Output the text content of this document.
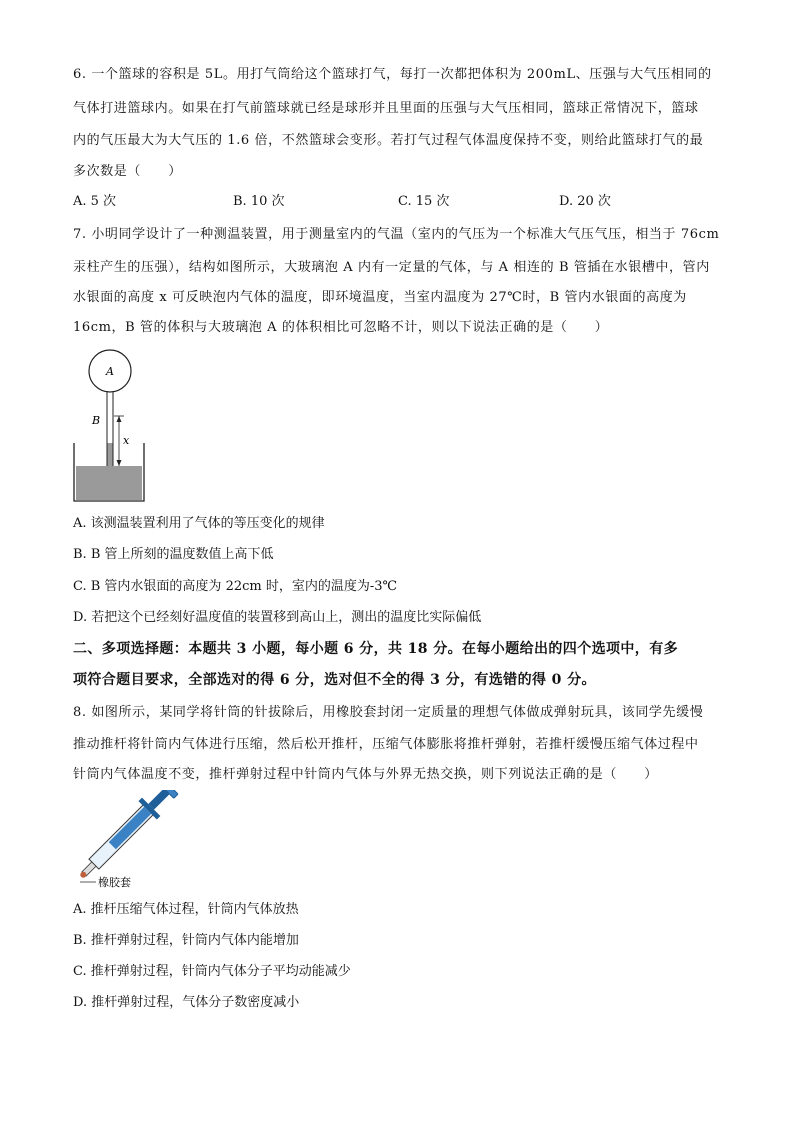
6. 一个篮球的容积是 5L。用打气筒给这个篮球打气，每打一次都把体积为 200mL、压强与大气压相同的
气体打进篮球内。如果在打气前篮球就已经是球形并且里面的压强与大气压相同，篮球正常情况下，篮球
内的气压最大为大气压的 1.6 倍，不然篮球会变形。若打气过程气体温度保持不变，则给此篮球打气的最
多次数是（　　）
A. 5 次	B. 10 次	C. 15 次	D. 20 次
7. 小明同学设计了一种测温装置，用于测量室内的气温（室内的气压为一个标准大气压气压，相当于 76cm
汞柱产生的压强），结构如图所示，大玻璃泡 A 内有一定量的气体，与 A 相连的 B 管插在水银槽中，管内
水银面的高度 x 可反映泡内气体的温度，即环境温度，当室内温度为 27℃时，B 管内水银面的高度为
16cm，B 管的体积与大玻璃泡 A 的体积相比可忽略不计，则以下说法正确的是（　　）
A
B
x
A. 该测温装置利用了气体的等压变化的规律
B. B 管上所刻的温度数值上高下低
C. B 管内水银面的高度为 22cm 时，室内的温度为-3℃
D. 若把这个已经刻好温度值的装置移到高山上，测出的温度比实际偏低
二、多项选择题：本题共 3 小题，每小题 6 分，共 18 分。在每小题给出的四个选项中，有多
项符合题目要求，全部选对的得 6 分，选对但不全的得 3 分，有选错的得 0 分。
8. 如图所示，某同学将针筒的针拔除后，用橡胶套封闭一定质量的理想气体做成弹射玩具，该同学先缓慢
推动推杆将针筒内气体进行压缩，然后松开推杆，压缩气体膨胀将推杆弹射，若推杆缓慢压缩气体过程中
针筒内气体温度不变，推杆弹射过程中针筒内气体与外界无热交换，则下列说法正确的是（　　）
橡胶套
A. 推杆压缩气体过程，针筒内气体放热
B. 推杆弹射过程，针筒内气体内能增加
C. 推杆弹射过程，针筒内气体分子平均动能减少
D. 推杆弹射过程，气体分子数密度减小
